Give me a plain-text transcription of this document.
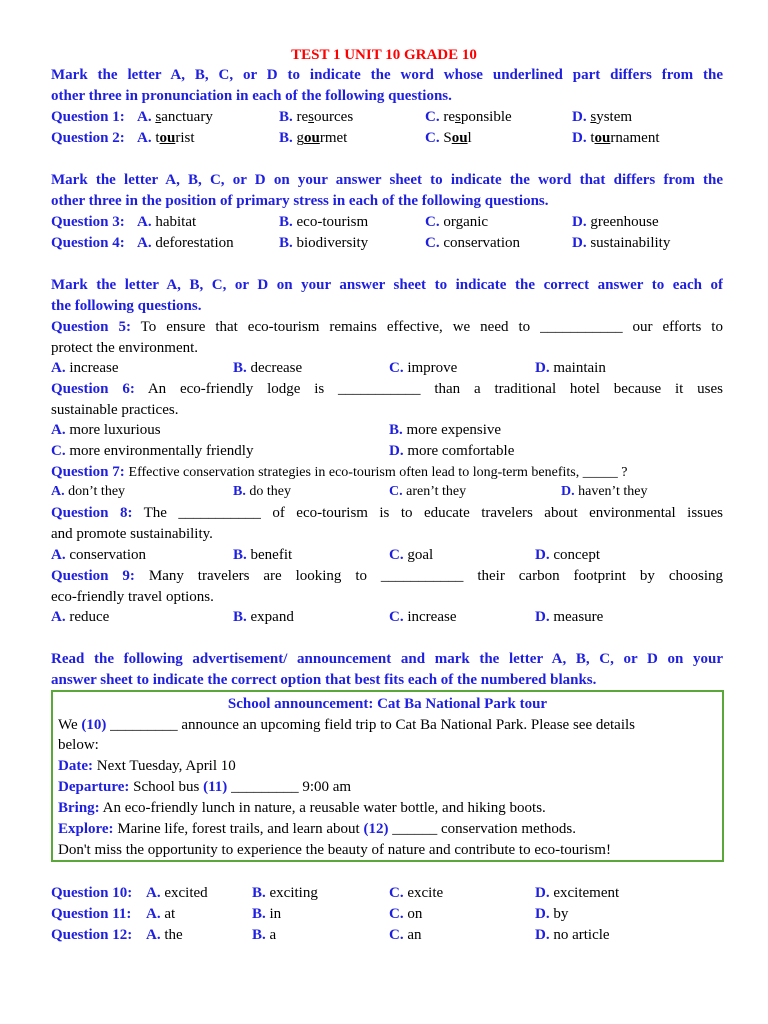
TEST 1 UNIT 10 GRADE 10
Mark the letter A, B, C, or D to indicate the word whose underlined part differs from the
other three in pronunciation in each of the following questions.
Question 1: A. sanctuary	B. resources	C. responsible	D. system
Question 2: A. tourist	B. gourmet	C. Soul	D. tournament
Mark the letter A, B, C, or D on your answer sheet to indicate the word that differs from the
other three in the position of primary stress in each of the following questions.
Question 3: A. habitat	B. eco-tourism	C. organic	D. greenhouse
Question 4: A. deforestation	B. biodiversity	C. conservation	D. sustainability
Mark the letter A, B, C, or D on your answer sheet to indicate the correct answer to each of
the following questions.
Question 5: To ensure that eco-tourism remains effective, we need to ___________ our efforts to
protect the environment.
A. increase	B. decrease	C. improve	D. maintain
Question 6: An eco-friendly lodge is ___________ than a traditional hotel because it uses
sustainable practices.
A. more luxurious	B. more expensive
C. more environmentally friendly	D. more comfortable
Question 7: Effective conservation strategies in eco-tourism often lead to long-term benefits, _____ ?
A. don’t they	B. do they	C. aren’t they	D. haven’t they
Question 8: The ___________ of eco-tourism is to educate travelers about environmental issues
and promote sustainability.
A. conservation	B. benefit	C. goal	D. concept
Question 9: Many travelers are looking to ___________ their carbon footprint by choosing
eco-friendly travel options.
A. reduce	B. expand	C. increase	D. measure
Read the following advertisement/ announcement and mark the letter A, B, C, or D on your
answer sheet to indicate the correct option that best fits each of the numbered blanks.
School announcement: Cat Ba National Park tour
We (10) _________ announce an upcoming field trip to Cat Ba National Park. Please see details
below:
Date: Next Tuesday, April 10
Departure: School bus (11) _________ 9:00 am
Bring: An eco-friendly lunch in nature, a reusable water bottle, and hiking boots.
Explore: Marine life, forest trails, and learn about (12) ______ conservation methods.
Don't miss the opportunity to experience the beauty of nature and contribute to eco-tourism!
Question 10: A. excited	B. exciting	C. excite	D. excitement
Question 11: A. at	B. in	C. on	D. by
Question 12: A. the	B. a	C. an	D. no article
